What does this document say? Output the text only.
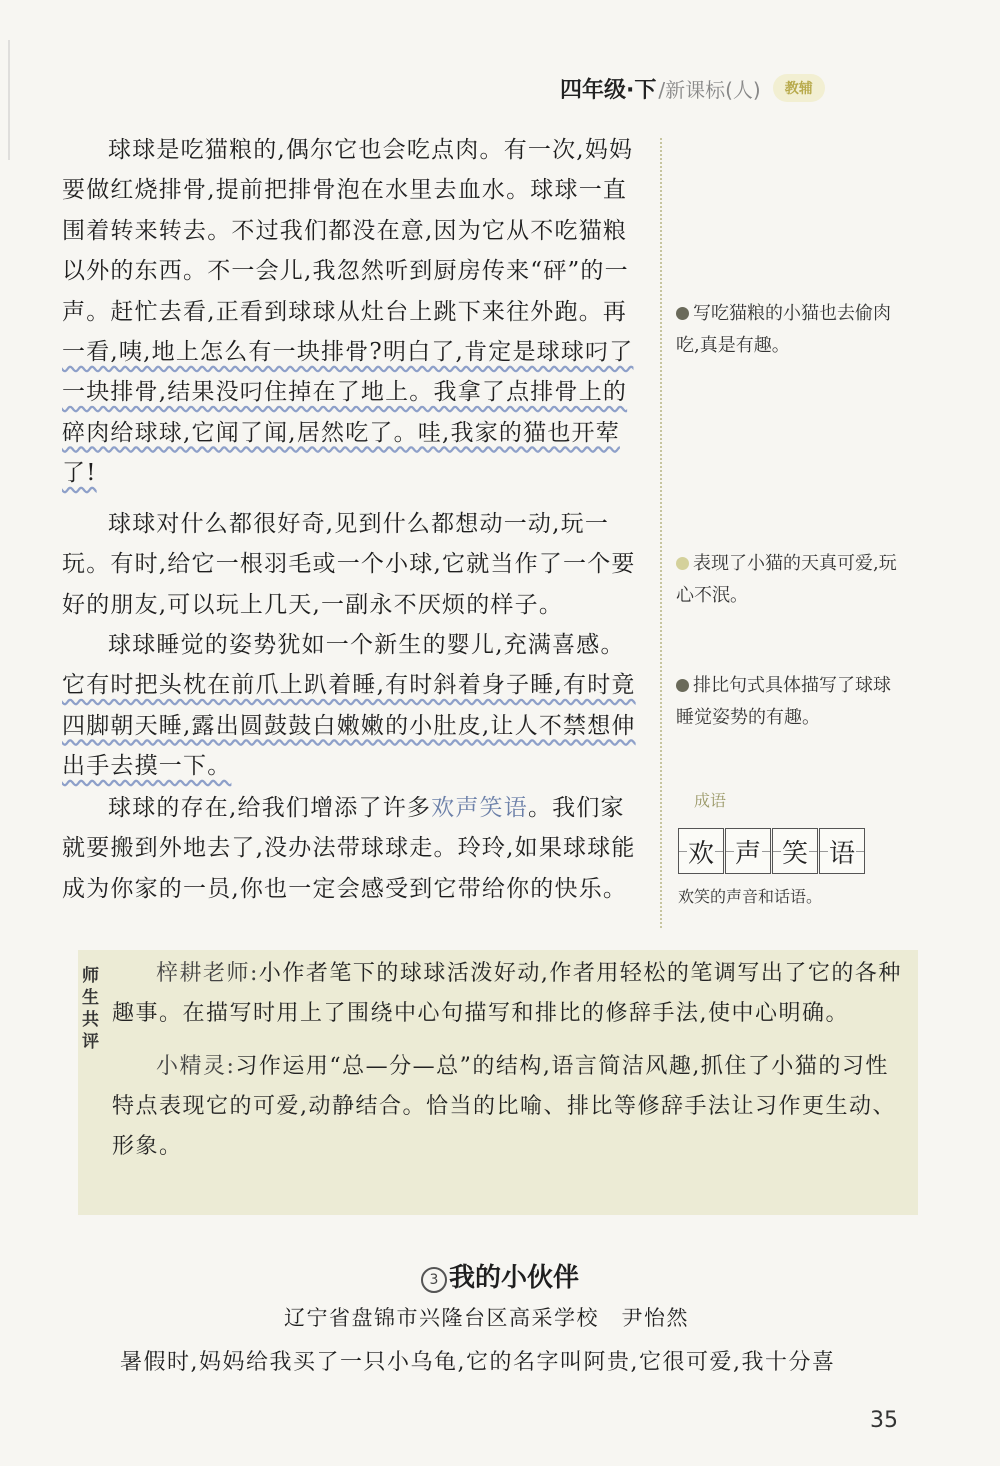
四年级·下 /新课标(人)	教辅

球球是吃猫粮的,偶尔它也会吃点肉。有一次,妈妈要做红烧排骨,提前把排骨泡在水里去血水。球球一直围着转来转去。不过我们都没在意,因为它从不吃猫粮以外的东西。不一会儿,我忽然听到厨房传来“砰”的一声。赶忙去看,正看到球球从灶台上跳下来往外跑。再一看,咦,地上怎么有一块排骨?明白了,肯定是球球叼了一块排骨,结果没叼住掉在了地上。我拿了点排骨上的碎肉给球球,它闻了闻,居然吃了。哇,我家的猫也开荤了!

球球对什么都很好奇,见到什么都想动一动,玩一玩。有时,给它一根羽毛或一个小球,它就当作了一个要好的朋友,可以玩上几天,一副永不厌烦的样子。

球球睡觉的姿势犹如一个新生的婴儿,充满喜感。它有时把头枕在前爪上趴着睡,有时斜着身子睡,有时竟四脚朝天睡,露出圆鼓鼓白嫩嫩的小肚皮,让人不禁想伸出手去摸一下。

球球的存在,给我们增添了许多欢声笑语。我们家就要搬到外地去了,没办法带球球走。玲玲,如果球球能成为你家的一员,你也一定会感受到它带给你的快乐。

写吃猫粮的小猫也去偷肉吃,真是有趣。
表现了小猫的天真可爱,玩心不泯。
排比句式具体描写了球球睡觉姿势的有趣。
成语
欢 声 笑 语
欢笑的声音和话语。
师生共评

梓耕老师:小作者笔下的球球活泼好动,作者用轻松的笔调写出了它的各种趣事。在描写时用上了围绕中心句描写和排比的修辞手法,使中心明确。

小精灵:习作运用“总—分—总”的结构,语言简洁风趣,抓住了小猫的习性特点表现它的可爱,动静结合。恰当的比喻、排比等修辞手法让习作更生动、形象。

3 我的小伙伴
辽宁省盘锦市兴隆台区高采学校　尹怡然
暑假时,妈妈给我买了一只小乌龟,它的名字叫阿贵,它很可爱,我十分喜
35
